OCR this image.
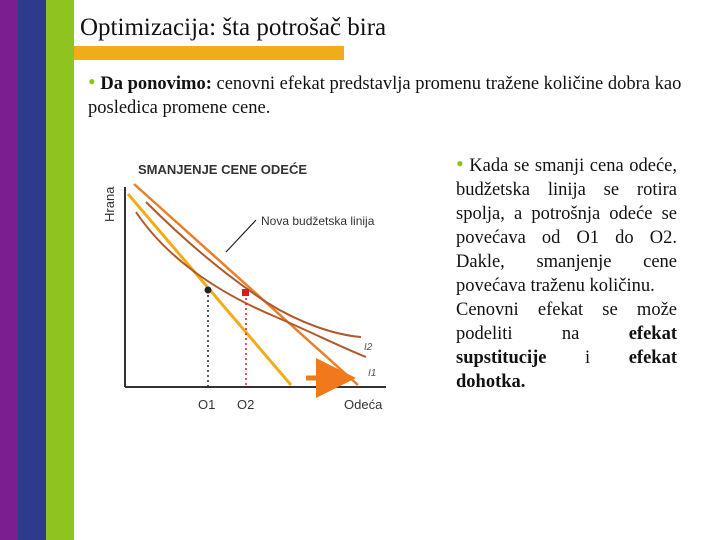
Optimizacija: šta potrošač bira
• Da ponovimo: cenovni efekat predstavlja promenu tražene količine dobra kao posledica promene cene.
SMANJENJE CENE ODEĆE
Hrana	Nova budžetska linija
I2
I1
O1 O2	Odeća

• Kada se smanji cena odeće, budžetska linija se rotira spolja, a potrošnja odeće se povećava od O1 do O2. Dakle, smanjenje cene povećava traženu količinu.

Cenovni efekat se može podeliti na efekat supstitucije i efekat dohotka.
